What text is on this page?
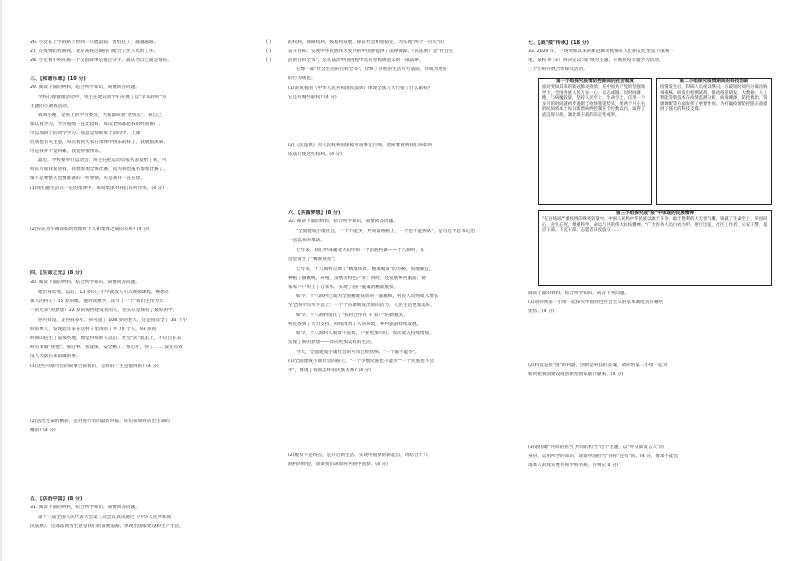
26. 小女在上学的路上捡到一只流浪狗，害怕狂了，越越越路。	( )
27. 在疫情防控期间，北京高铁过期间门配合工作人员的工作。	( )
28. 小宏看小明在画一个又很简单是很过分手，就认为自己就是帮你。	( )
三、【和谐乐章】(10 分)
29. 阅读下面的材料，结合所学知识，简要回答问题。
学校心理健康活动中，班主任建议同学们开展了以"亲耳聆听"为
主题的小调查活动。
我叫小刚，是班上的学习委员，大家都叫我"老班长"，我自己
都认真学习，学习成绩一直比较好，每次老师都把我的经验推广，
可以加班上的同学学习。我总是帮助班上的同学，上课
但我也有失主意，每次看到大家在集体中快乐的样子，我就很羡慕，
可是我并不觉得累，我觉得很快乐。
最近，学校要举行运动会，班主任把运动员报名表发给了我，可
特长方面我希望我，我想参加全班比赛，因为我也报名参加比赛了。
情不是要整天也要准备的一件事情，可是我并一直在想。
(1)我们都生活在一定的集体中，说说集体对我们有何作用。(4 分)
(2)你认为小刚该如何处理好个人和集体之间的关系? (4 分)
四、【生命之光】(8 分)
30. 阅读下面的材料，结合所学知识，简要回答问题。
他出身贫寒，以后，13 岁的三小学就没人引入视频课程，畅想在
那人的村子！15 岁的她，他对我被学，读写了一个"我们生作为大
一的光荣"的梦想！22 岁的海西建设者的人，但实在是保持了最好的学。
你可有没，走得我多年，你可意了 108 岁的老人，还是由次全了 30 个小
时的单人，发现此年来在这村子里再的了共 70 个人，93 岁的
时期山民生了道那些地，他觉得帮助人以后，社会"民"就去上，不仅自在美
时有米做"我他"，那这事，我没保，安全精了，帮心年，快了…… 没实有效
没人大都后来前做的事。
(1)这些可歌可泣的故事告诉我们，怎样的一生是值得的? (4 分)
(2)活出生命的精彩，是对进行者的最好回报。你们该如何活出生命的
精彩? (4 分)
五、【法治中国】(8 分)
31. 阅读下面的材料，结合所学知识，简要回答问题。
第十三届全国人民代表大会第三次会议表决通过《中华人民共和国
民法典》，这部法典为生意是我们的发展道路，体现出国家建设和生产生活。
的权利，保障权利、恢复和发展，保证社会和谐稳定，为实现"两个一百年"的
奋斗目标、实现中华民族伟大复兴的中国梦提供了法律保障。《民法典》是"社会生
活的百科全书"，是在法治中国进程中具有里程碑意义的一部法律。
它像一部"社会生活的百科全书"，诠释了百姓的生活方方面面，并成为更好
的行为规范。
(1)说说我国《中华人民共和国民法典》体现全国人大行使了什么职权?
它还有哪些职权? (4 分)
(2)《民法典》对人民权利的保障可谓事无巨细，请简要说明我们该如何
依法行使这些权利。(4 分)
六、【共圆梦想】(8 分)
32. 阅读下面的材料，结合所学知识，简要回答问题。
"全面建成小康社会，一个不能少，共同富裕路上，一个也不能掉队"，是习近平总书记治
一直以来的承诺。
七年来，我们中部湖北大山中的一个苗族村寨——十八洞村，在
这里发生了"精准扶贫"。
七年来，十八洞村贯彻了"精准扶贫、精准脱贫"的方略，因地制宜，
种植了猕猴桃、养殖、苗绣等特色产业；同时，还发展乡村旅游，使
家家户户用上了自来水，实现了因户施策的精准脱贫。
如今，十八洞村已成为全国精准扶贫的一面旗帜，村民人均纯收入增长
至全国平均水平以上；一个个苗寨焕发出新的活力，人民生活更加美好。
如今，十八洞村依托了"农村合作社 + 农户"的新模式，
村民得到了大力支持，持续改善了人居环境，乡村旅游持续发展。
如今，十八洞村人脱贫不返贫，产业更加兴旺，农民收入持续增加，
实现了新的梦想——奔向更加美好的生活。
今天，全面建成小康社会的号角已经吹响，"一个都不能少"，
(1)全面建成小康社会的路上，"一个少数民族也不能少""一个民族也不会
少"，体现了我国怎样的民族关系? (4 分)
(2)脱贫不是终点，是开启新生活、实现中国梦的新起点，请结合十八
洞村的经验，谈谈我们该如何共圆中国梦。(4 分)
七、【战"疫"传承】(18 分)
33. 2020 年，一场突如其来的新冠肺炎疫情在人们的记忆里留下深刻一
笔。某校 9（1）班决定以"战"疫为主题，开展抗疫专题学习活动，
三个小组开展合作探究活动。
第一小组探究疫情防控期间的社会制度
面对突如其来的新冠肺炎疫情，在中国共产党的坚强领导下，全国各族人民万众一心、众志成城，同时间赛跑、与病魔较量，坚持人民至上、生命至上，仅用一个多月的时间就初步遏制了疫情蔓延势头，用两个月左右的时间将本土每日新增病例控制在个位数以内，取得了武汉保卫战、湖北保卫战的决定性成果。
第二小组探究疫情期间的科技创新
疫情发生后，科研人员夜以继日，在最短时间内分离出病毒毒株，研发出检测试剂，推动疫苗研发，大数据、人工智能等新技术在疫情监测分析、病毒溯源、防控救治、资源调配等方面发挥了重要作用，为打赢疫情防控阻击战提供了强大的科技支撑。
第三小组探究战"疫"中体现的民族精神
"在这场同严重疫情的殊死较量中，中国人民和中华民族以敢于斗争、敢于胜利的大无畏气概，铸就了生命至上、举国同心、舍生忘死、尊重科学、命运与共的伟大抗疫精神。"广大医务人员白衣为甲、逆行出征，社区工作者、公安干警、基层干部、下沉干部、志愿者日夜值守……
阅读上面的材料，结合所学知识，回答下列问题。
(1)请你帮第一小组一起探究中国特色社会主义的基本制度具有哪些
优势。(4 分)
(2)科技是抗"疫"的利器，创新是科技的灵魂，请你帮第二小组一起为
如何把我国建设成创新型国家献计献策。(4 分)
(3)谱国歌"共同的担当 共同的担当"这个主题，以"外交部发言人"的
身份，运用所学的知识，谈谈中国担当"你你"还有"的。(4 分，要求不能出
现本人的真实姓名和学校名称，否则记 0 分)
